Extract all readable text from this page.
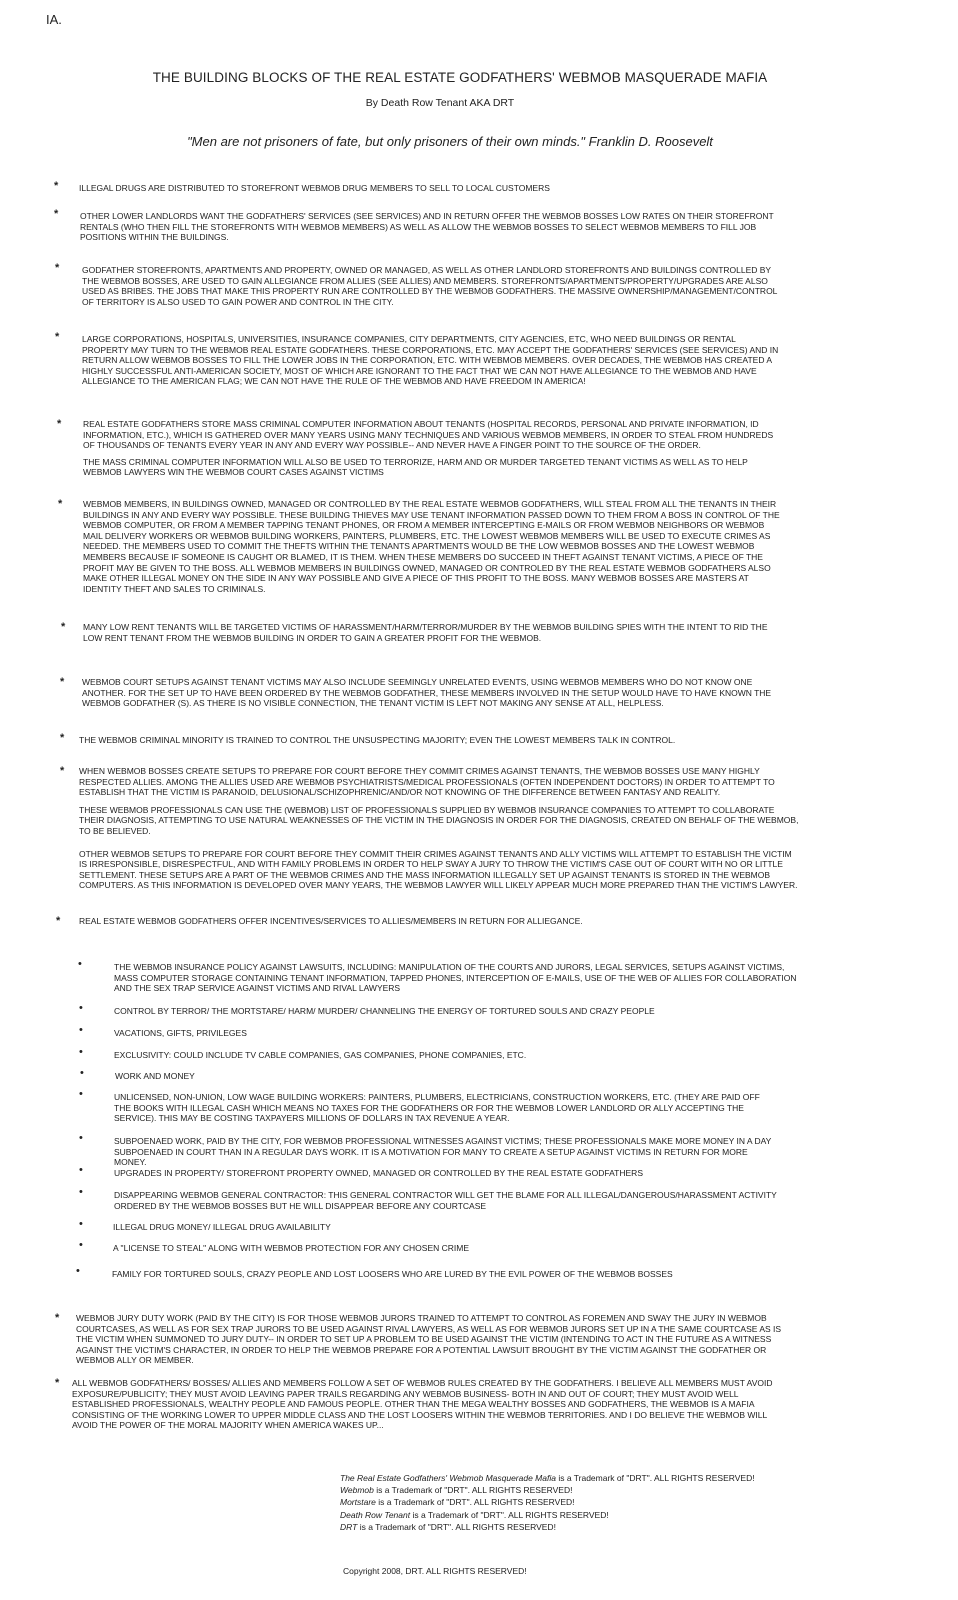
IA.
THE BUILDING BLOCKS OF THE REAL ESTATE GODFATHERS' WEBMOB MASQUERADE MAFIA
By Death Row Tenant AKA DRT
"Men are not prisoners of fate, but only prisoners of their own minds." Franklin D. Roosevelt
* ILLEGAL DRUGS ARE DISTRIBUTED TO STOREFRONT WEBMOB DRUG MEMBERS TO SELL TO LOCAL CUSTOMERS
*	OTHER LOWER LANDLORDS WANT THE GODFATHERS' SERVICES (SEE SERVICES) AND IN RETURN OFFER THE WEBMOB BOSSES LOW RATES ON THEIR STOREFRONT RENTALS (WHO THEN FILL THE STOREFRONTS WITH WEBMOB MEMBERS) AS WELL AS ALLOW THE WEBMOB BOSSES TO SELECT WEBMOB MEMBERS TO FILL JOB POSITIONS WITHIN THE BUILDINGS.
*	GODFATHER STOREFRONTS, APARTMENTS AND PROPERTY, OWNED OR MANAGED, AS WELL AS OTHER LANDLORD STOREFRONTS AND BUILDINGS CONTROLLED BY THE WEBMOB BOSSES, ARE USED TO GAIN ALLEGIANCE FROM ALLIES (SEE ALLIES) AND MEMBERS. STOREFRONTS/APARTMENTS/PROPERTY/UPGRADES ARE ALSO USED AS BRIBES. THE JOBS THAT MAKE THIS PROPERTY RUN ARE CONTROLLED BY THE WEBMOB GODFATHERS. THE MASSIVE OWNERSHIP/MANAGEMENT/CONTROL OF TERRITORY IS ALSO USED TO GAIN POWER AND CONTROL IN THE CITY.
*	LARGE CORPORATIONS, HOSPITALS, UNIVERSITIES, INSURANCE COMPANIES, CITY DEPARTMENTS, CITY AGENCIES, ETC, WHO NEED BUILDINGS OR RENTAL PROPERTY MAY TURN TO THE WEBMOB REAL ESTATE GODFATHERS. THESE CORPORATIONS, ETC. MAY ACCEPT THE GODFATHERS' SERVICES (SEE SERVICES) AND IN RETURN ALLOW WEBMOB BOSSES TO FILL THE LOWER JOBS IN THE CORPORATION, ETC. WITH WEBMOB MEMBERS. OVER DECADES, THE WEBMOB HAS CREATED A HIGHLY SUCCESSFUL ANTI-AMERICAN SOCIETY, MOST OF WHICH ARE IGNORANT TO THE FACT THAT WE CAN NOT HAVE ALLEGIANCE TO THE WEBMOB AND HAVE ALLEGIANCE TO THE AMERICAN FLAG; WE CAN NOT HAVE THE RULE OF THE WEBMOB AND HAVE FREEDOM IN AMERICA!
*	REAL ESTATE GODFATHERS STORE MASS CRIMINAL COMPUTER INFORMATION ABOUT TENANTS (HOSPITAL RECORDS, PERSONAL AND PRIVATE INFORMATION, ID INFORMATION, ETC.), WHICH IS GATHERED OVER MANY YEARS USING MANY TECHNIQUES AND VARIOUS WEBMOB MEMBERS, IN ORDER TO STEAL FROM HUNDREDS OF THOUSANDS OF TENANTS EVERY YEAR IN ANY AND EVERY WAY POSSIBLE-- AND NEVER HAVE A FINGER POINT TO THE SOURCE OF THE ORDER.
THE MASS CRIMINAL COMPUTER INFORMATION WILL ALSO BE USED TO TERRORIZE, HARM AND OR MURDER TARGETED TENANT VICTIMS AS WELL AS TO HELP WEBMOB LAWYERS WIN THE WEBMOB COURT CASES AGAINST VICTIMS
* WEBMOB MEMBERS, IN BUILDINGS OWNED, MANAGED OR CONTROLLED BY THE REAL ESTATE WEBMOB GODFATHERS, WILL STEAL FROM ALL THE TENANTS IN THEIR BUILDINGS IN ANY AND EVERY WAY POSSIBLE. THESE BUILDING THIEVES MAY USE TENANT INFORMATION PASSED DOWN TO THEM FROM A BOSS IN CONTROL OF THE WEBMOB COMPUTER, OR FROM A MEMBER TAPPING TENANT PHONES, OR FROM A MEMBER INTERCEPTING E-MAILS OR FROM WEBMOB NEIGHBORS OR WEBMOB MAIL DELIVERY WORKERS OR WEBMOB BUILDING WORKERS, PAINTERS, PLUMBERS, ETC. THE LOWEST WEBMOB MEMBERS WILL BE USED TO EXECUTE CRIMES AS NEEDED. THE MEMBERS USED TO COMMIT THE THEFTS WITHIN THE TENANTS APARTMENTS WOULD BE THE LOW WEBMOB BOSSES AND THE LOWEST WEBMOB MEMBERS BECAUSE IF SOMEONE IS CAUGHT OR BLAMED, IT IS THEM. WHEN THESE MEMBERS DO SUCCEED IN THEFT AGAINST TENANT VICTIMS, A PIECE OF THE PROFIT MAY BE GIVEN TO THE BOSS. ALL WEBMOB MEMBERS IN BUILDINGS OWNED, MANAGED OR CONTROLED BY THE REAL ESTATE WEBMOB GODFATHERS ALSO MAKE OTHER ILLEGAL MONEY ON THE SIDE IN ANY WAY POSSIBLE AND GIVE A PIECE OF THIS PROFIT TO THE BOSS. MANY WEBMOB BOSSES ARE MASTERS AT IDENTITY THEFT AND SALES TO CRIMINALS.
* MANY LOW RENT TENANTS WILL BE TARGETED VICTIMS OF HARASSMENT/HARM/TERROR/MURDER BY THE WEBMOB BUILDING SPIES WITH THE INTENT TO RID THE LOW RENT TENANT FROM THE WEBMOB BUILDING IN ORDER TO GAIN A GREATER PROFIT FOR THE WEBMOB.
* WEBMOB COURT SETUPS AGAINST TENANT VICTIMS MAY ALSO INCLUDE SEEMINGLY UNRELATED EVENTS, USING WEBMOB MEMBERS WHO DO NOT KNOW ONE ANOTHER. FOR THE SET UP TO HAVE BEEN ORDERED BY THE WEBMOB GODFATHER, THESE MEMBERS INVOLVED IN THE SETUP WOULD HAVE TO HAVE KNOWN THE WEBMOB GODFATHER (S). AS THERE IS NO VISIBLE CONNECTION, THE TENANT VICTIM IS LEFT NOT MAKING ANY SENSE AT ALL, HELPLESS.
* THE WEBMOB CRIMINAL MINORITY IS TRAINED TO CONTROL THE UNSUSPECTING MAJORITY; EVEN THE LOWEST MEMBERS TALK IN CONTROL.
* WHEN WEBMOB BOSSES CREATE SETUPS TO PREPARE FOR COURT BEFORE THEY COMMIT CRIMES AGAINST TENANTS, THE WEBMOB BOSSES USE MANY HIGHLY RESPECTED ALLIES. AMONG THE ALLIES USED ARE WEBMOB PSYCHIATRISTS/MEDICAL PROFESSIONALS (OFTEN INDEPENDENT DOCTORS) IN ORDER TO ATTEMPT TO ESTABLISH THAT THE VICTIM IS PARANOID, DELUSIONAL/SCHIZOPHRENIC/AND/OR NOT KNOWING OF THE DIFFERENCE BETWEEN FANTASY AND REALITY.
THESE WEBMOB PROFESSIONALS CAN USE THE (WEBMOB) LIST OF PROFESSIONALS SUPPLIED BY WEBMOB INSURANCE COMPANIES TO ATTEMPT TO COLLABORATE THEIR DIAGNOSIS, ATTEMPTING TO USE NATURAL WEAKNESSES OF THE VICTIM IN THE DIAGNOSIS IN ORDER FOR THE DIAGNOSIS, CREATED ON BEHALF OF THE WEBMOB, TO BE BELIEVED.
OTHER WEBMOB SETUPS TO PREPARE FOR COURT BEFORE THEY COMMIT THEIR CRIMES AGAINST TENANTS AND ALLY VICTIMS WILL ATTEMPT TO ESTABLISH THE VICTIM IS IRRESPONSIBLE, DISRESPECTFUL, AND WITH FAMILY PROBLEMS IN ORDER TO HELP SWAY A JURY TO THROW THE VICTIM'S CASE OUT OF COURT WITH NO OR LITTLE SETTLEMENT. THESE SETUPS ARE A PART OF THE WEBMOB CRIMES AND THE MASS INFORMATION ILLEGALLY SET UP AGAINST TENANTS IS STORED IN THE WEBMOB COMPUTERS. AS THIS INFORMATION IS DEVELOPED OVER MANY YEARS, THE WEBMOB LAWYER WILL LIKELY APPEAR MUCH MORE PREPARED THAN THE VICTIM'S LAWYER.
* REAL ESTATE WEBMOB GODFATHERS OFFER INCENTIVES/SERVICES TO ALLIES/MEMBERS IN RETURN FOR ALLIEGANCE.
•	THE WEBMOB INSURANCE POLICY AGAINST LAWSUITS, INCLUDING: MANIPULATION OF THE COURTS AND JURORS, LEGAL SERVICES, SETUPS AGAINST VICTIMS, MASS COMPUTER STORAGE CONTAINING TENANT INFORMATION, TAPPED PHONES, INTERCEPTION OF E-MAILS, USE OF THE WEB OF ALLIES FOR COLLABORATION AND THE SEX TRAP SERVICE AGAINST VICTIMS AND RIVAL LAWYERS
•	CONTROL BY TERROR/ THE MORTSTARE/ HARM/ MURDER/ CHANNELING THE ENERGY OF TORTURED SOULS AND CRAZY PEOPLE
•	VACATIONS, GIFTS, PRIVILEGES
•	EXCLUSIVITY: COULD INCLUDE TV CABLE COMPANIES, GAS COMPANIES, PHONE COMPANIES, ETC.
•	WORK AND MONEY
•	UNLICENSED, NON-UNION, LOW WAGE BUILDING WORKERS: PAINTERS, PLUMBERS, ELECTRICIANS, CONSTRUCTION WORKERS, ETC. (THEY ARE PAID OFF THE BOOKS WITH ILLEGAL CASH WHICH MEANS NO TAXES FOR THE GODFATHERS OR FOR THE WEBMOB LOWER LANDLORD OR ALLY ACCEPTING THE SERVICE). THIS MAY BE COSTING TAXPAYERS MILLIONS OF DOLLARS IN TAX REVENUE A YEAR.
•	SUBPOENAED WORK, PAID BY THE CITY, FOR WEBMOB PROFESSIONAL WITNESSES AGAINST VICTIMS; THESE PROFESSIONALS MAKE MORE MONEY IN A DAY SUBPOENAED IN COURT THAN IN A REGULAR DAYS WORK. IT IS A MOTIVATION FOR MANY TO CREATE A SETUP AGAINST VICTIMS IN RETURN FOR MORE MONEY.
•	UPGRADES IN PROPERTY/ STOREFRONT PROPERTY OWNED, MANAGED OR CONTROLLED BY THE REAL ESTATE GODFATHERS
•	DISAPPEARING WEBMOB GENERAL CONTRACTOR: THIS GENERAL CONTRACTOR WILL GET THE BLAME FOR ALL ILLEGAL/DANGEROUS/HARASSMENT ACTIVITY ORDERED BY THE WEBMOB BOSSES BUT HE WILL DISAPPEAR BEFORE ANY COURTCASE
•	ILLEGAL DRUG MONEY/ ILLEGAL DRUG AVAILABILITY
•	A "LICENSE TO STEAL" ALONG WITH WEBMOB PROTECTION FOR ANY CHOSEN CRIME
•	FAMILY FOR TORTURED SOULS, CRAZY PEOPLE AND LOST LOOSERS WHO ARE LURED BY THE EVIL POWER OF THE WEBMOB BOSSES
* WEBMOB JURY DUTY WORK (PAID BY THE CITY) IS FOR THOSE WEBMOB JURORS TRAINED TO ATTEMPT TO CONTROL AS FOREMEN AND SWAY THE JURY IN WEBMOB COURTCASES, AS WELL AS FOR SEX TRAP JURORS TO BE USED AGAINST RIVAL LAWYERS, AS WELL AS FOR WEBMOB JURORS SET UP IN A THE SAME COURTCASE AS IS THE VICTIM WHEN SUMMONED TO JURY DUTY-- IN ORDER TO SET UP A PROBLEM TO BE USED AGAINST THE VICTIM (INTENDING TO ACT IN THE FUTURE AS A WITNESS AGAINST THE VICTIM'S CHARACTER, IN ORDER TO HELP THE WEBMOB PREPARE FOR A POTENTIAL LAWSUIT BROUGHT BY THE VICTIM AGAINST THE GODFATHER OR WEBMOB ALLY OR MEMBER.
* ALL WEBMOB GODFATHERS/ BOSSES/ ALLIES AND MEMBERS FOLLOW A SET OF WEBMOB RULES CREATED BY THE GODFATHERS. I BELIEVE ALL MEMBERS MUST AVOID EXPOSURE/PUBLICITY; THEY MUST AVOID LEAVING PAPER TRAILS REGARDING ANY WEBMOB BUSINESS- BOTH IN AND OUT OF COURT; THEY MUST AVOID WELL ESTABLISHED PROFESSIONALS, WEALTHY PEOPLE AND FAMOUS PEOPLE. OTHER THAN THE MEGA WEALTHY BOSSES AND GODFATHERS, THE WEBMOB IS A MAFIA CONSISTING OF THE WORKING LOWER TO UPPER MIDDLE CLASS AND THE LOST LOOSERS WITHIN THE WEBMOB TERRITORIES. AND I DO BELIEVE THE WEBMOB WILL AVOID THE POWER OF THE MORAL MAJORITY WHEN AMERICA WAKES UP...
The Real Estate Godfathers' Webmob Masquerade Mafia is a Trademark of "DRT". ALL RIGHTS RESERVED!
Webmob is a Trademark of "DRT". ALL RIGHTS RESERVED!
Mortstare is a Trademark of "DRT". ALL RIGHTS RESERVED!
Death Row Tenant is a Trademark of "DRT". ALL RIGHTS RESERVED!
DRT is a Trademark of "DRT". ALL RIGHTS RESERVED!
Copyright 2008, DRT. ALL RIGHTS RESERVED!
